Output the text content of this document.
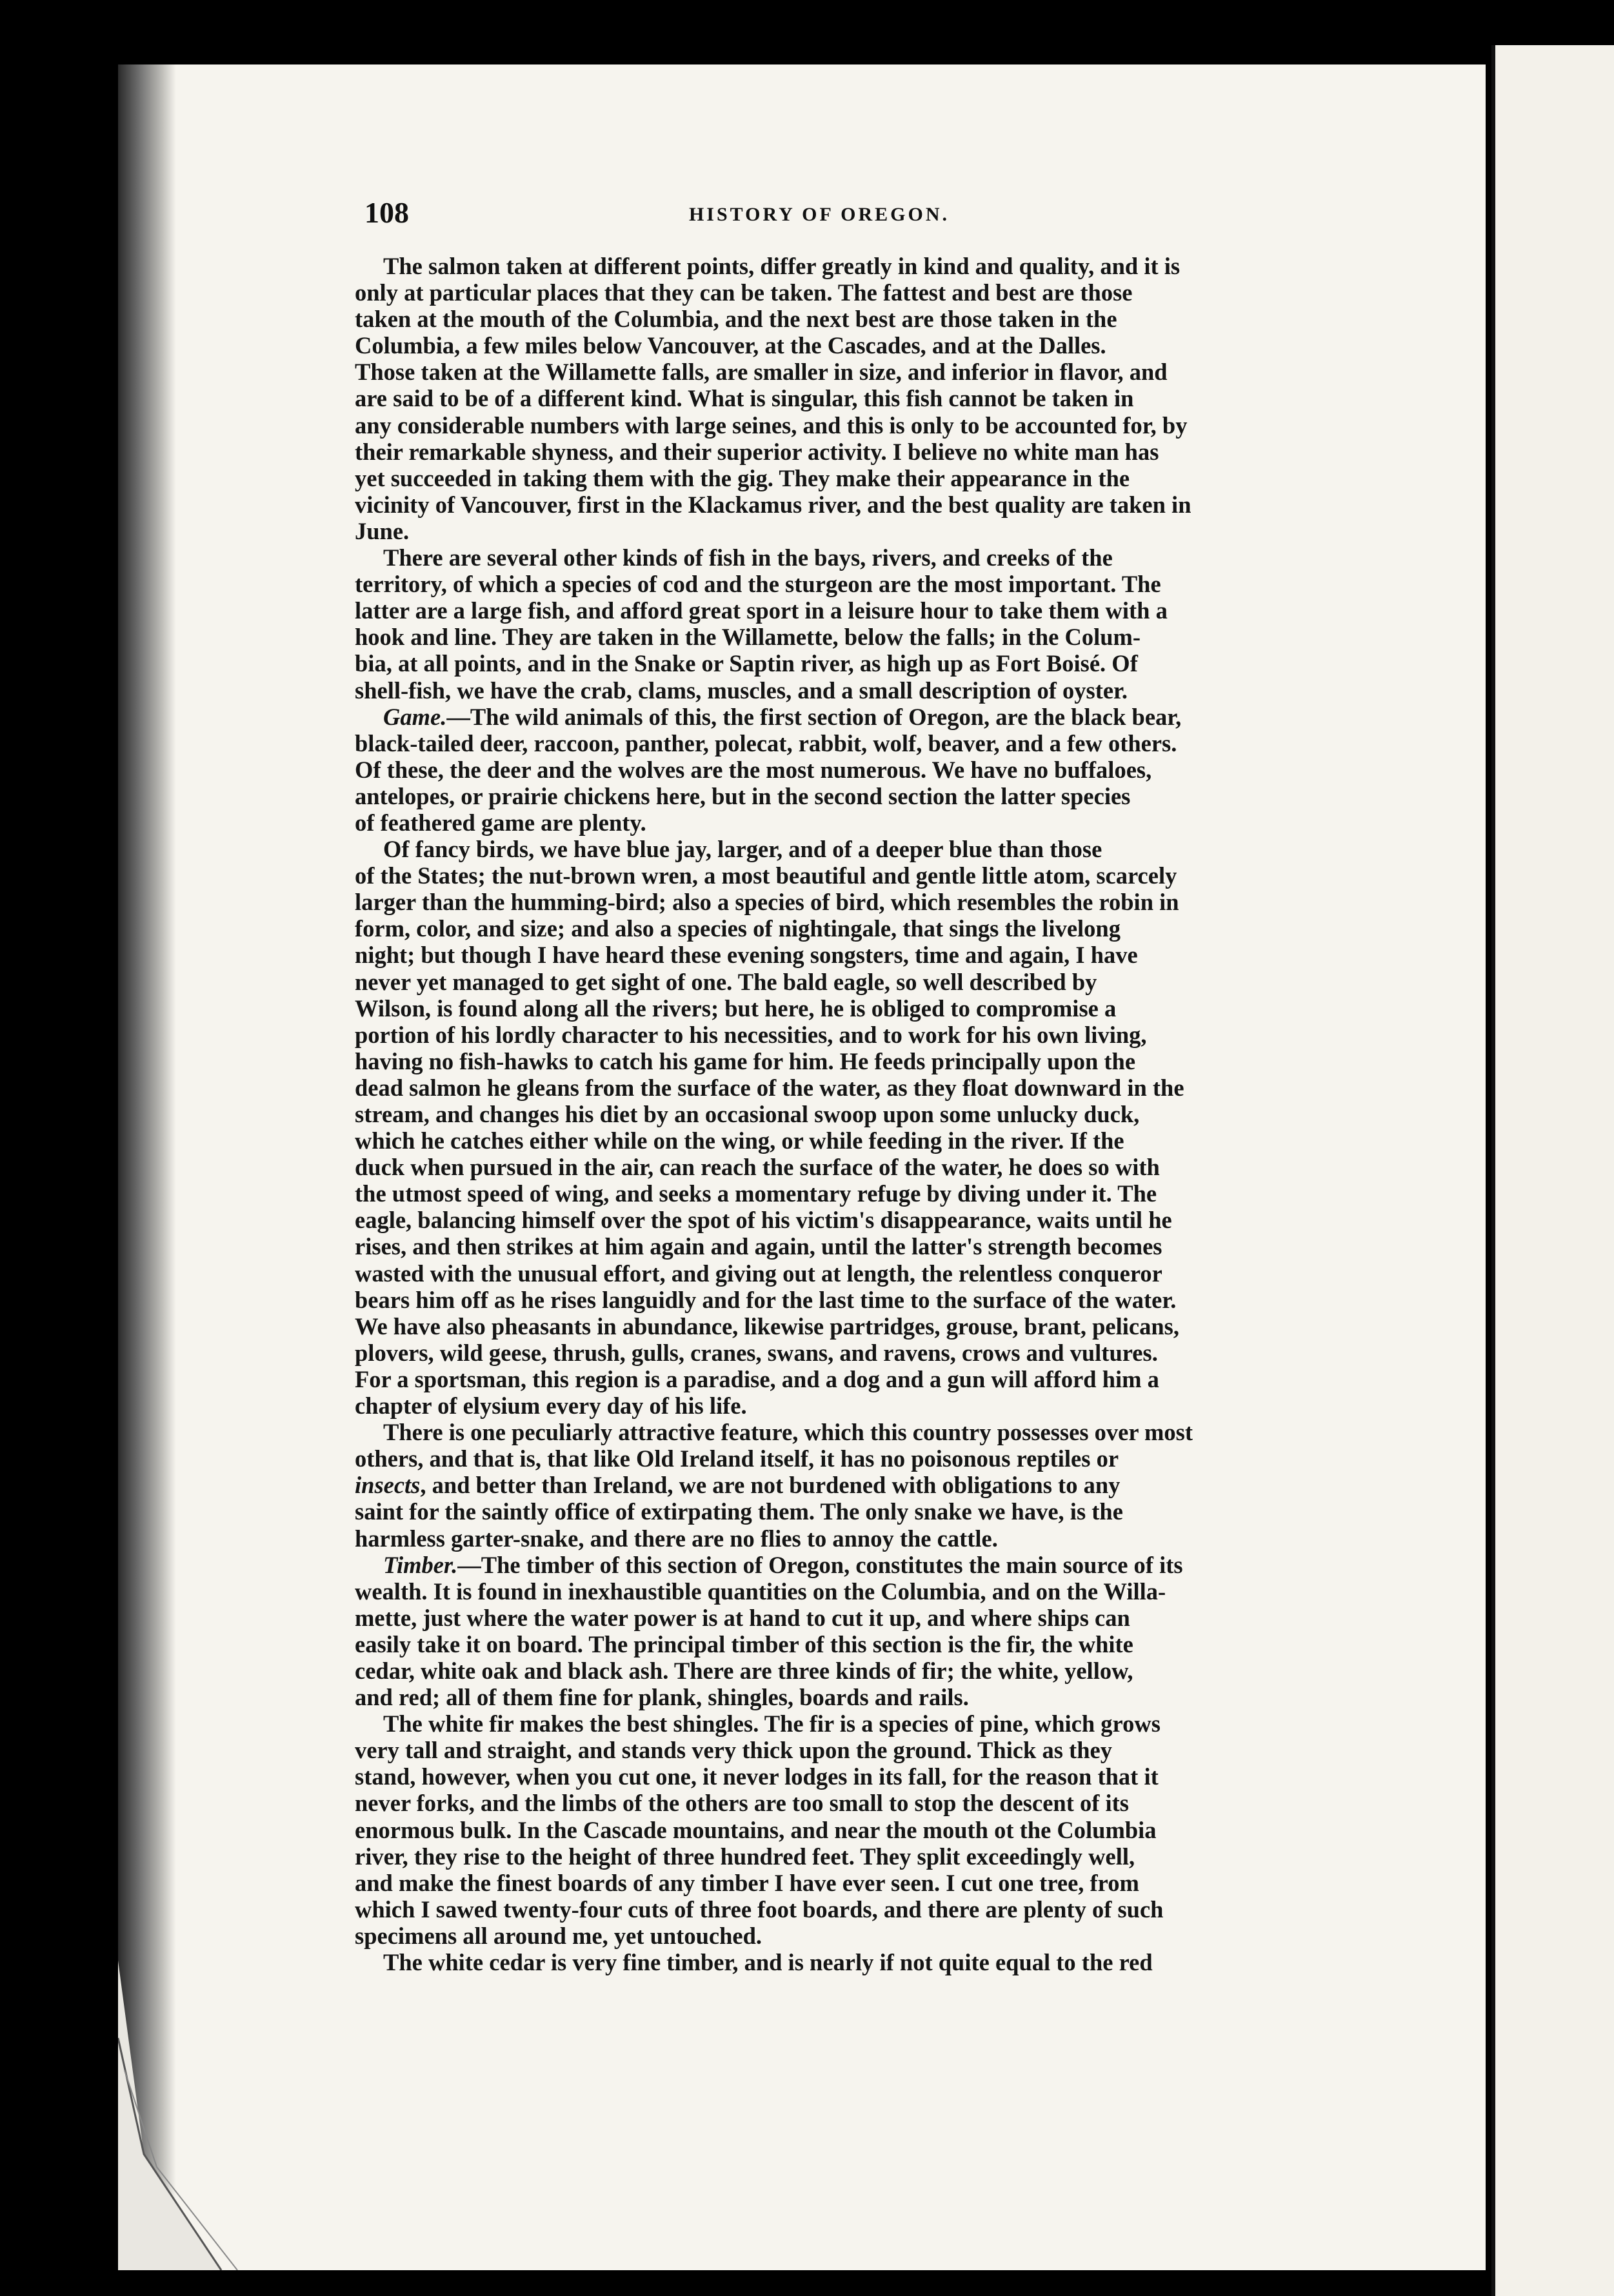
108	HISTORY OF OREGON.
The salmon taken at different points, differ greatly in kind and quality, and it is
only at particular places that they can be taken. The fattest and best are those
taken at the mouth of the Columbia, and the next best are those taken in the
Columbia, a few miles below Vancouver, at the Cascades, and at the Dalles.
Those taken at the Willamette falls, are smaller in size, and inferior in flavor, and
are said to be of a different kind. What is singular, this fish cannot be taken in
any considerable numbers with large seines, and this is only to be accounted for, by
their remarkable shyness, and their superior activity. I believe no white man has
yet succeeded in taking them with the gig. They make their appearance in the
vicinity of Vancouver, first in the Klackamus river, and the best quality are taken in
June.
There are several other kinds of fish in the bays, rivers, and creeks of the
territory, of which a species of cod and the sturgeon are the most important. The
latter are a large fish, and afford great sport in a leisure hour to take them with a
hook and line. They are taken in the Willamette, below the falls; in the Colum-
bia, at all points, and in the Snake or Saptin river, as high up as Fort Boisé. Of
shell-fish, we have the crab, clams, muscles, and a small description of oyster.
Game.—The wild animals of this, the first section of Oregon, are the black bear,
black-tailed deer, raccoon, panther, polecat, rabbit, wolf, beaver, and a few others.
Of these, the deer and the wolves are the most numerous. We have no buffaloes,
antelopes, or prairie chickens here, but in the second section the latter species
of feathered game are plenty.
Of fancy birds, we have blue jay, larger, and of a deeper blue than those
of the States; the nut-brown wren, a most beautiful and gentle little atom, scarcely
larger than the humming-bird; also a species of bird, which resembles the robin in
form, color, and size; and also a species of nightingale, that sings the livelong
night; but though I have heard these evening songsters, time and again, I have
never yet managed to get sight of one. The bald eagle, so well described by
Wilson, is found along all the rivers; but here, he is obliged to compromise a
portion of his lordly character to his necessities, and to work for his own living,
having no fish-hawks to catch his game for him. He feeds principally upon the
dead salmon he gleans from the surface of the water, as they float downward in the
stream, and changes his diet by an occasional swoop upon some unlucky duck,
which he catches either while on the wing, or while feeding in the river. If the
duck when pursued in the air, can reach the surface of the water, he does so with
the utmost speed of wing, and seeks a momentary refuge by diving under it. The
eagle, balancing himself over the spot of his victim's disappearance, waits until he
rises, and then strikes at him again and again, until the latter's strength becomes
wasted with the unusual effort, and giving out at length, the relentless conqueror
bears him off as he rises languidly and for the last time to the surface of the water.
We have also pheasants in abundance, likewise partridges, grouse, brant, pelicans,
plovers, wild geese, thrush, gulls, cranes, swans, and ravens, crows and vultures.
For a sportsman, this region is a paradise, and a dog and a gun will afford him a
chapter of elysium every day of his life.
There is one peculiarly attractive feature, which this country possesses over most
others, and that is, that like Old Ireland itself, it has no poisonous reptiles or
insects, and better than Ireland, we are not burdened with obligations to any
saint for the saintly office of extirpating them. The only snake we have, is the
harmless garter-snake, and there are no flies to annoy the cattle.
Timber.—The timber of this section of Oregon, constitutes the main source of its
wealth. It is found in inexhaustible quantities on the Columbia, and on the Willa-
mette, just where the water power is at hand to cut it up, and where ships can
easily take it on board. The principal timber of this section is the fir, the white
cedar, white oak and black ash. There are three kinds of fir; the white, yellow,
and red; all of them fine for plank, shingles, boards and rails.
The white fir makes the best shingles. The fir is a species of pine, which grows
very tall and straight, and stands very thick upon the ground. Thick as they
stand, however, when you cut one, it never lodges in its fall, for the reason that it
never forks, and the limbs of the others are too small to stop the descent of its
enormous bulk. In the Cascade mountains, and near the mouth ot the Columbia
river, they rise to the height of three hundred feet. They split exceedingly well,
and make the finest boards of any timber I have ever seen. I cut one tree, from
which I sawed twenty-four cuts of three foot boards, and there are plenty of such
specimens all around me, yet untouched.
The white cedar is very fine timber, and is nearly if not quite equal to the red
